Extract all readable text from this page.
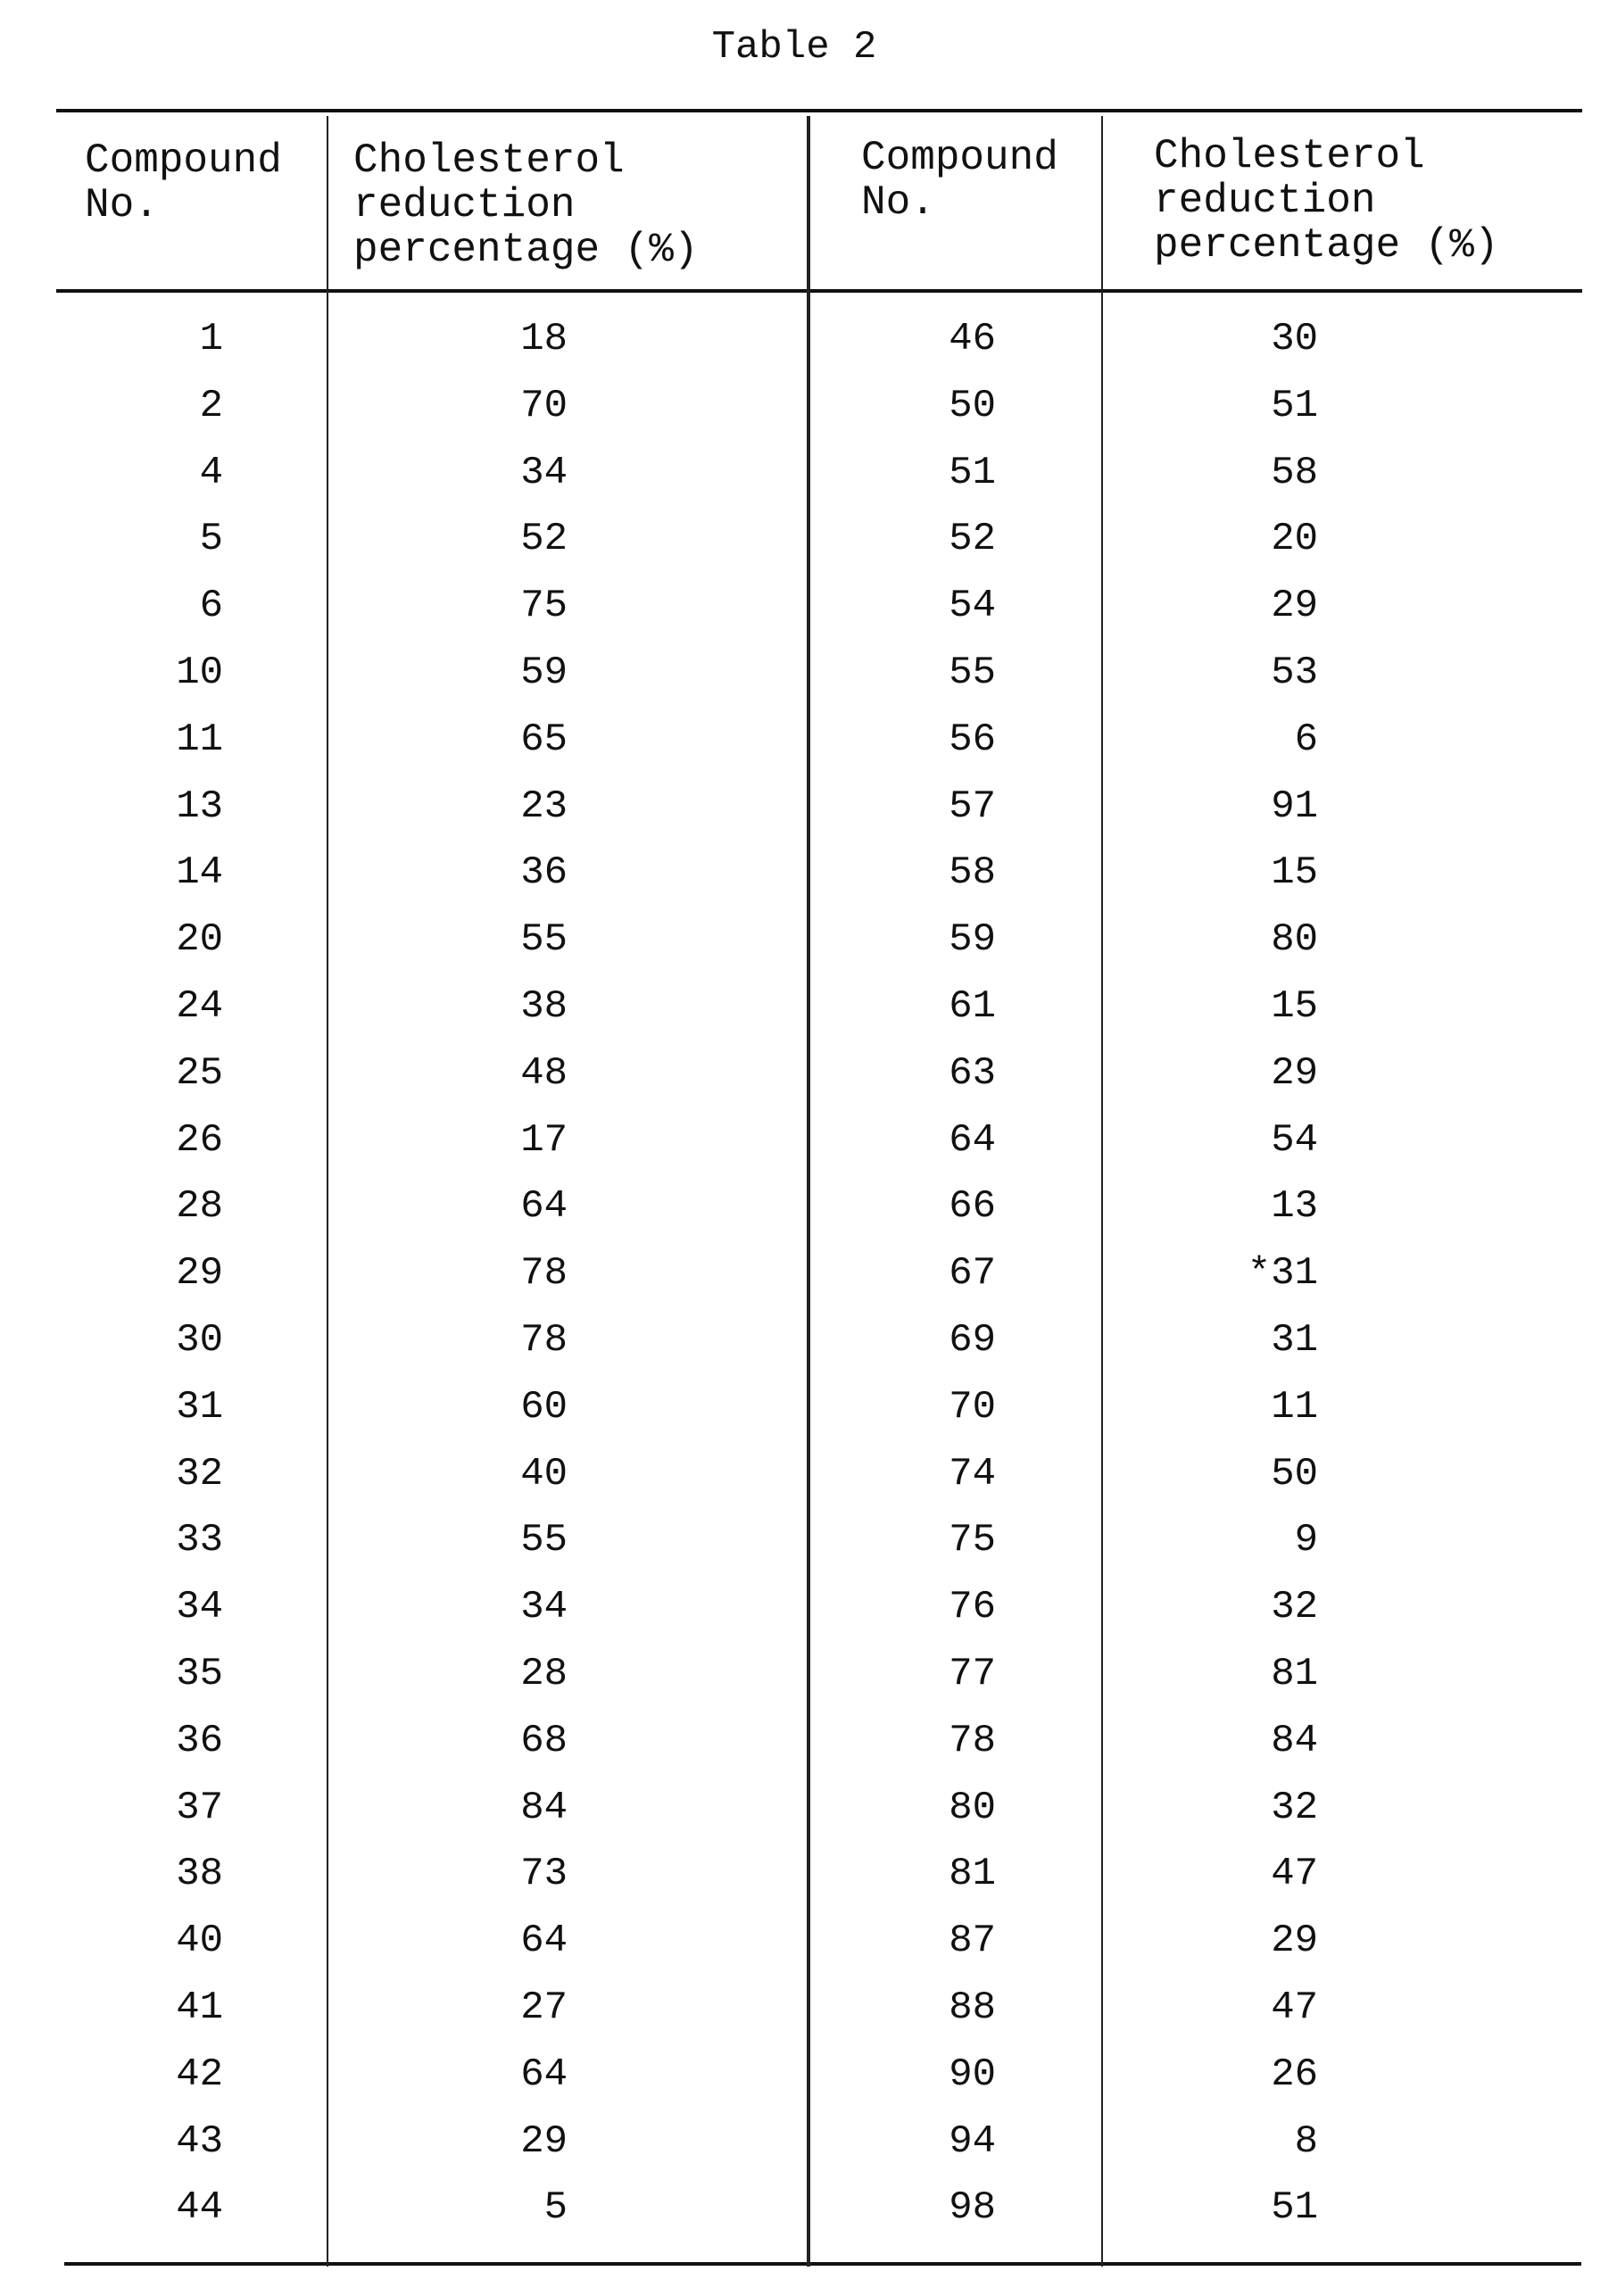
Table 2
Compound
No.
Cholesterol
reduction
percentage (%)
Compound
No.
Cholesterol
reduction
percentage (%)
1
2
4
5
6
10
11
13
14
20
24
25
26
28
29
30
31
32
33
34
35
36
37
38
40
41
42
43
44
18
70
34
52
75
59
65
23
36
55
38
48
17
64
78
78
60
40
55
34
28
68
84
73
64
27
64
29
5
46
50
51
52
54
55
56
57
58
59
61
63
64
66
67
69
70
74
75
76
77
78
80
81
87
88
90
94
98
30
51
58
20
29
53
6
91
15
80
15
29
54
13
*31
31
11
50
9
32
81
84
32
47
29
47
26
8
51
